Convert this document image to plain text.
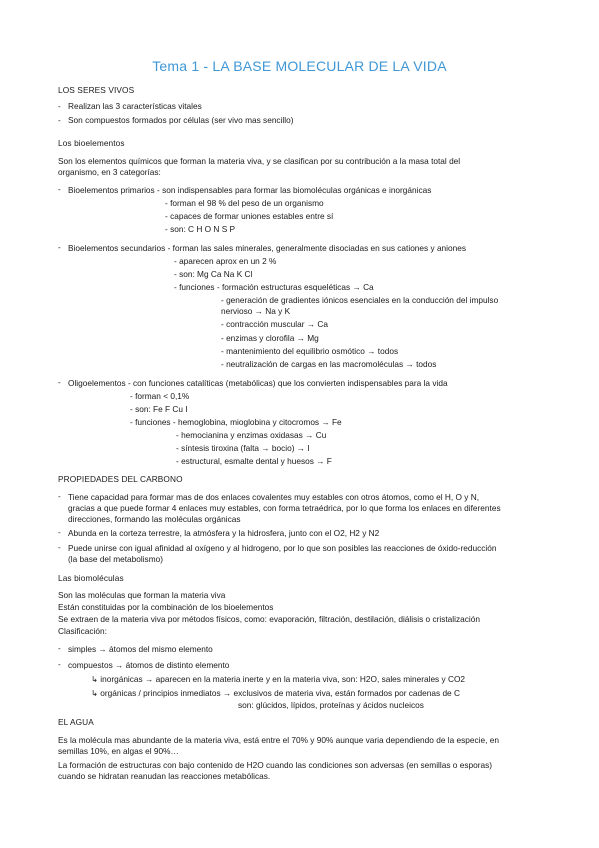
Tema 1 - LA BASE MOLECULAR DE LA VIDA
LOS SERES VIVOS
- Realizan las 3 características vitales
- Son compuestos formados por células (ser vivo mas sencillo)
Los bioelementos
Son los elementos químicos que forman la materia viva, y se clasifican por su contribución a la masa total del
organismo, en 3 categorías:
- Bioelementos primarios - son indispensables para formar las biomoléculas orgánicas e inorgánicas
- forman el 98 % del peso de un organismo
- capaces de formar uniones estables entre sí
- son: C H O N S P
- Bioelementos secundarios - forman las sales minerales, generalmente disociadas en sus cationes y aniones
- aparecen aprox en un 2 %
- son: Mg Ca Na K Cl
- funciones - formación estructuras esqueléticas → Ca
- generación de gradientes iónicos esenciales en la conducción del impulso
nervioso → Na y K
- contracción muscular → Ca
- enzimas y clorofila → Mg
- mantenimiento del equilibrio osmótico → todos
- neutralización de cargas en las macromoléculas → todos
- Oligoelementos - con funciones catalíticas (metabólicas) que los convierten indispensables para la vida
- forman < 0,1%
- son: Fe F Cu I
- funciones - hemoglobina, mioglobina y citocromos → Fe
- hemocianina y enzimas oxidasas → Cu
- síntesis tiroxina (falta → bocio) → I
- estructural, esmalte dental y huesos → F
PROPIEDADES DEL CARBONO
- Tiene capacidad para formar mas de dos enlaces covalentes muy estables con otros átomos, como el H, O y N,
gracias a que puede formar 4 enlaces muy estables, con forma tetraédrica, por lo que forma los enlaces en diferentes
direcciones, formando las moléculas orgánicas
- Abunda en la corteza terrestre, la atmósfera y la hidrosfera, junto con el O2, H2 y N2
- Puede unirse con igual afinidad al oxígeno y al hidrogeno, por lo que son posibles las reacciones de óxido-reducción
(la base del metabolismo)
Las biomoléculas
Son las moléculas que forman la materia viva
Están constituidas por la combinación de los bioelementos
Se extraen de la materia viva por métodos físicos, como: evaporación, filtración, destilación, diálisis o cristalización
Clasificación:
- simples → átomos del mismo elemento
- compuestos → átomos de distinto elemento
↳ inorgánicas → aparecen en la materia inerte y en la materia viva, son: H2O, sales minerales y CO2
↳ orgánicas / principios inmediatos → exclusivos de materia viva, están formados por cadenas de C
son: glúcidos, lípidos, proteínas y ácidos nucleicos
EL AGUA
Es la molécula mas abundante de la materia viva, está entre el 70% y 90% aunque varia dependiendo de la especie, en
semillas 10%, en algas el 90%…
La formación de estructuras con bajo contenido de H2O cuando las condiciones son adversas (en semillas o esporas)
cuando se hidratan reanudan las reacciones metabólicas.
